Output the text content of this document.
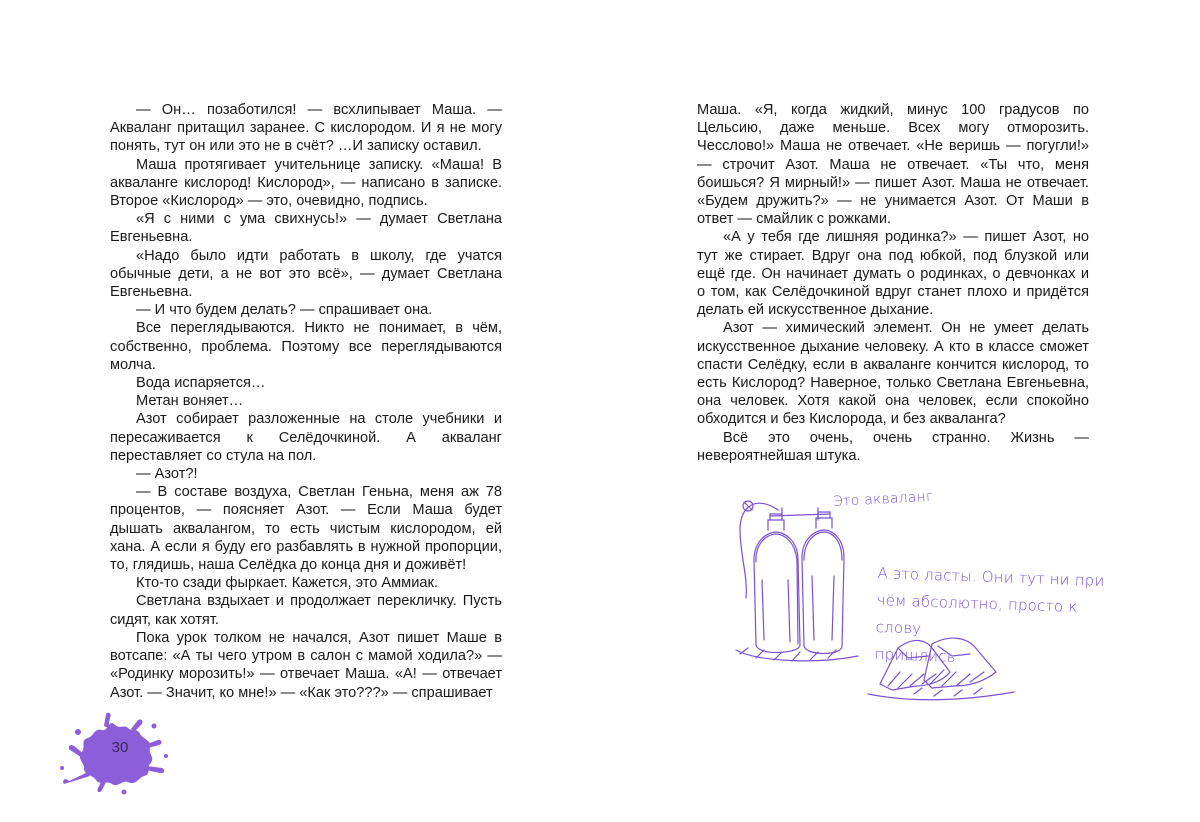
— Он… позаботился! — всхлипывает Маша. — Акваланг притащил заранее. С кислородом. И я не могу понять, тут он или это не в счёт? …И записку оставил.

Маша протягивает учительнице записку. «Маша! В акваланге кислород! Кислород», — написано в записке. Второе «Кислород» — это, очевидно, подпись.

«Я с ними с ума свихнусь!» — думает Светлана Евгеньевна.

«Надо было идти работать в школу, где учатся обычные дети, а не вот это всё», — думает Светлана Евгеньевна.

— И что будем делать? — спрашивает она.

Все переглядываются. Никто не понимает, в чём, собственно, проблема. Поэтому все переглядываются молча.

Вода испаряется…

Метан воняет…

Азот собирает разложенные на столе учебники и пересаживается к Селёдочкиной. А акваланг переставляет со стула на пол.

— Азот?!

— В составе воздуха, Светлан Геньна, меня аж 78 процентов, — поясняет Азот. — Если Маша будет дышать аквалангом, то есть чистым кислородом, ей хана. А если я буду его разбавлять в нужной пропорции, то, глядишь, наша Селёдка до конца дня и доживёт!

Кто-то сзади фыркает. Кажется, это Аммиак.

Светлана вздыхает и продолжает перекличку. Пусть сидят, как хотят.

Пока урок толком не начался, Азот пишет Маше в вотсапе: «А ты чего утром в салон с мамой ходила?» — «Родинку морозить!» — отвечает Маша. «А! — отвечает Азот. — Значит, ко мне!» — «Как это???» — спрашивает

30

Маша. «Я, когда жидкий, минус 100 градусов по Цельсию, даже меньше. Всех могу отморозить. Чесслово!» Маша не отвечает. «Не веришь — погугли!» — строчит Азот. Маша не отвечает. «Ты что, меня боишься? Я мирный!» — пишет Азот. Маша не отвечает. «Будем дружить?» — не унимается Азот. От Маши в ответ — смайлик с рожками.

«А у тебя где лишняя родинка?» — пишет Азот, но тут же стирает. Вдруг она под юбкой, под блузкой или ещё где. Он начинает думать о родинках, о девчонках и о том, как Селёдочкиной вдруг станет плохо и придётся делать ей искусственное дыхание.

Азот — химический элемент. Он не умеет делать искусственное дыхание человеку. А кто в классе сможет спасти Селёдку, если в акваланге кончится кислород, то есть Кислород? Наверное, только Светлана Евгеньевна, она человек. Хотя какой она человек, если спокойно обходится и без Кислорода, и без акваланга?

Всё это очень, очень странно. Жизнь — невероятнейшая штука.

Это акваланг
А это ласты. Они тут ни при
чём абсолютно, просто к слову
пришлись
